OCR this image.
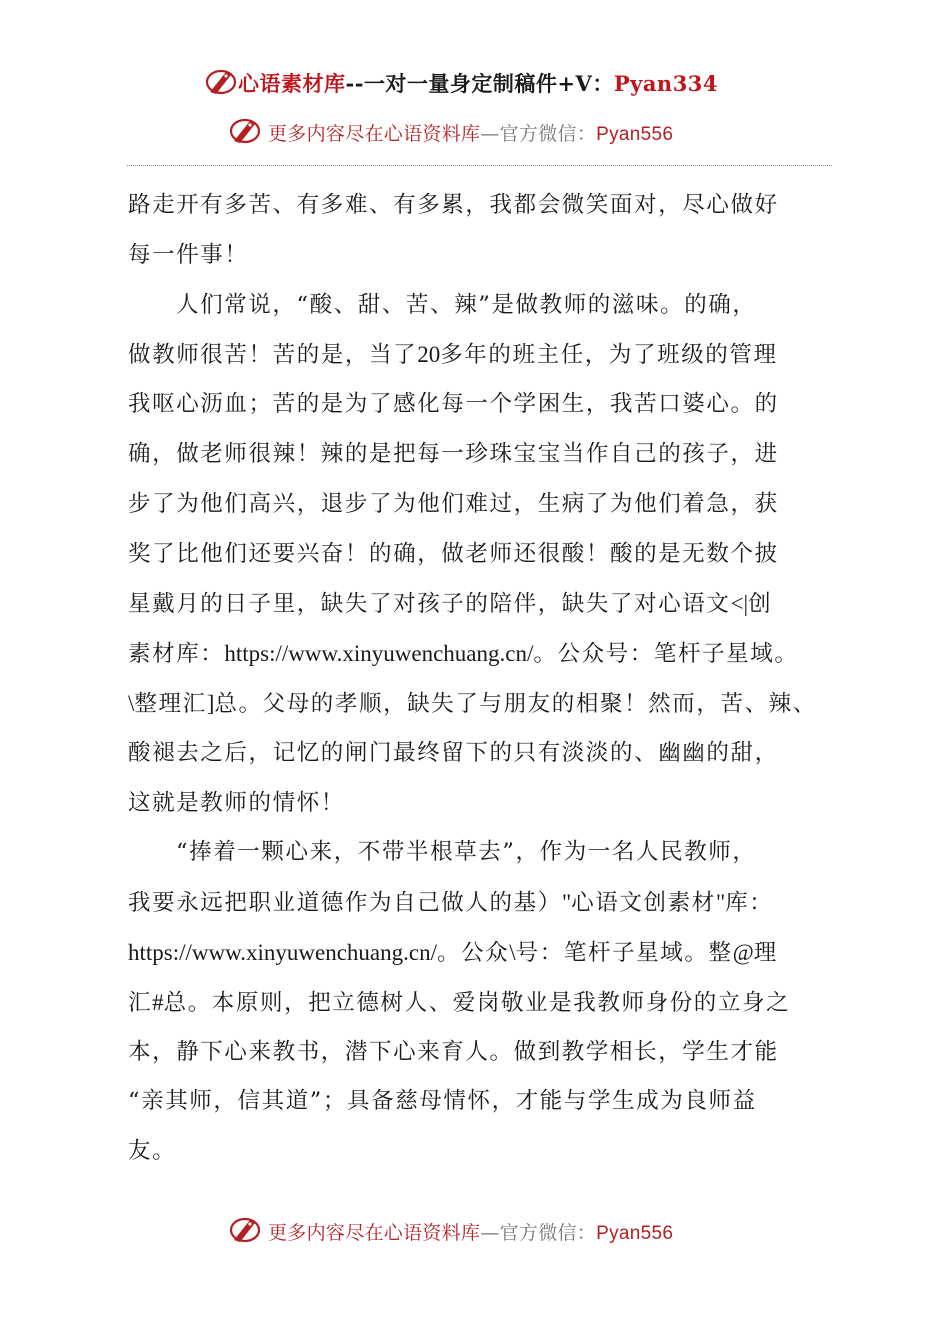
心语素材库--一对一量身定制稿件+V：Pyan334
更多内容尽在心语资料库—官方微信：Pyan556
路走开有多苦、有多难、有多累，我都会微笑面对，尽心做好
每一件事！
人们常说，“酸、甜、苦、辣”是做教师的滋味。的确，
做教师很苦！苦的是，当了20多年的班主任，为了班级的管理
我呕心沥血；苦的是为了感化每一个学困生，我苦口婆心。的
确，做老师很辣！辣的是把每一珍珠宝宝当作自己的孩子，进
步了为他们高兴，退步了为他们难过，生病了为他们着急，获
奖了比他们还要兴奋！的确，做老师还很酸！酸的是无数个披
星戴月的日子里，缺失了对孩子的陪伴，缺失了对心语文<|创
素材库：https://www.xinyuwenchuang.cn/。公众号：笔杆子星域。
\整理汇]总。父母的孝顺，缺失了与朋友的相聚！然而，苦、辣、
酸褪去之后，记忆的闸门最终留下的只有淡淡的、幽幽的甜，
这就是教师的情怀！
“捧着一颗心来，不带半根草去”，作为一名人民教师，
我要永远把职业道德作为自己做人的基）"心语文创素材"库：
https://www.xinyuwenchuang.cn/。公众\号：笔杆子星域。整@理
汇#总。本原则，把立德树人、爱岗敬业是我教师身份的立身之
本，静下心来教书，潜下心来育人。做到教学相长，学生才能
“亲其师，信其道”；具备慈母情怀，才能与学生成为良师益
友。
更多内容尽在心语资料库—官方微信：Pyan556
